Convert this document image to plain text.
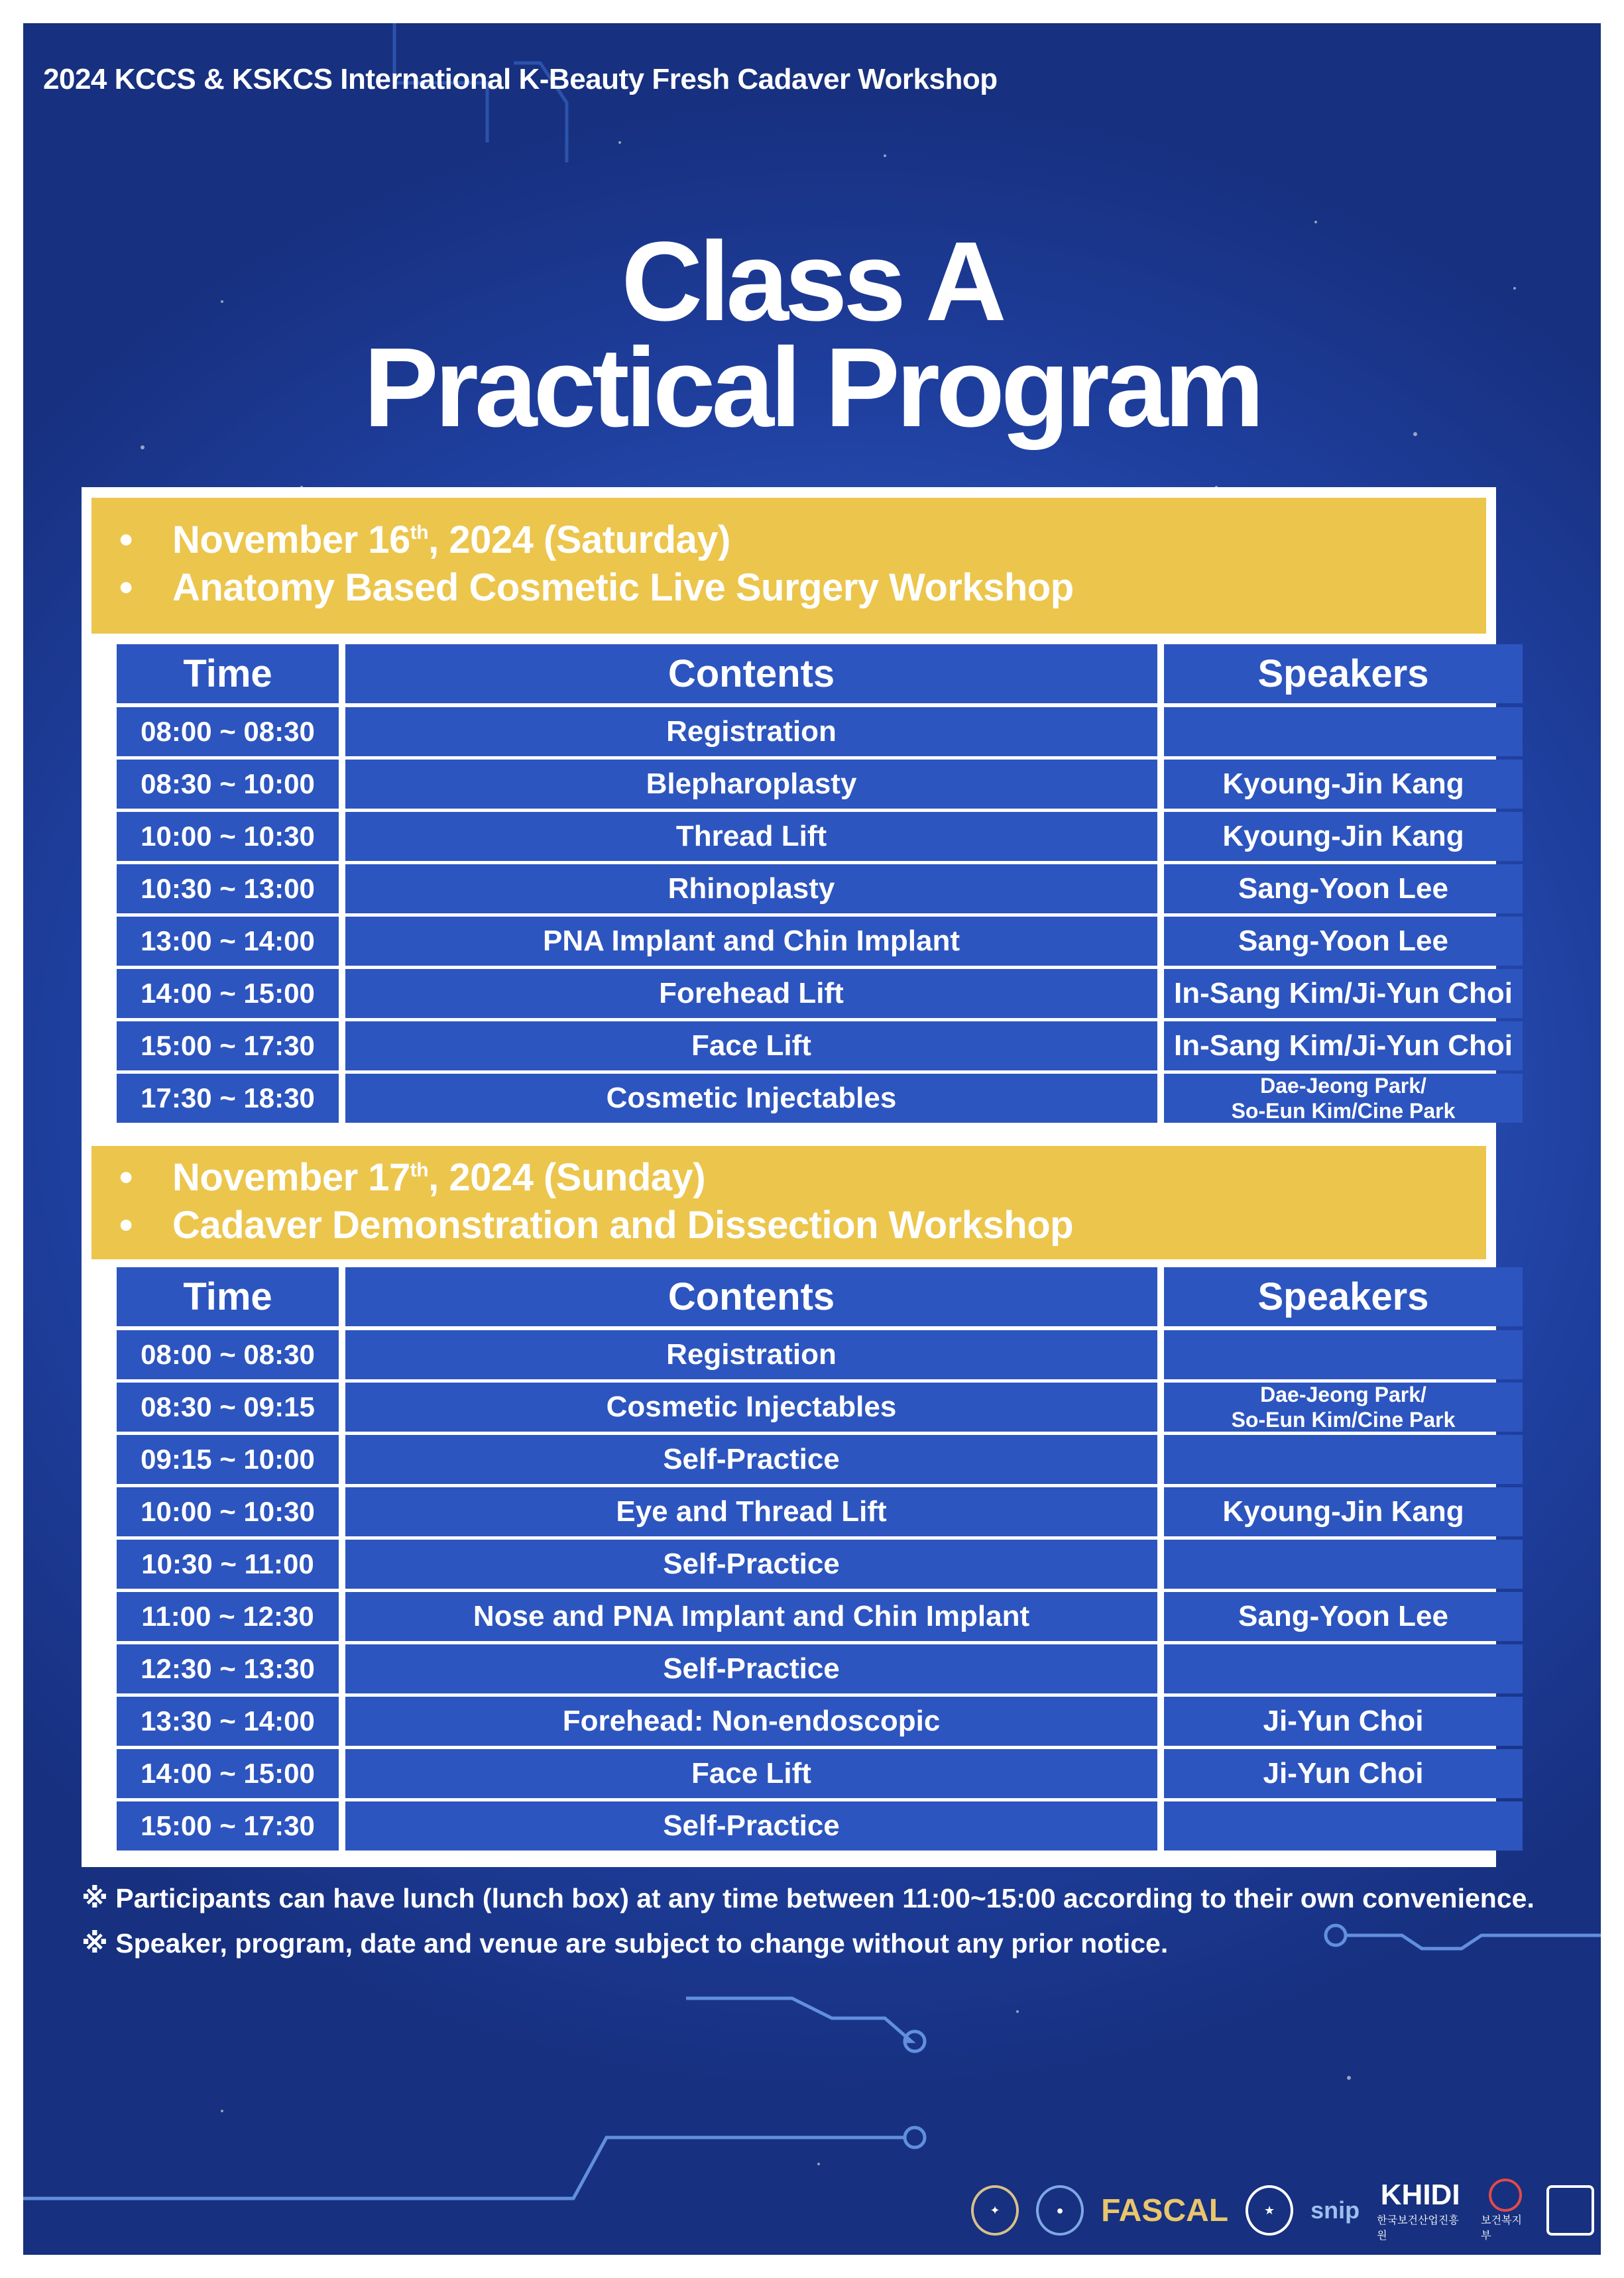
2024 KCCS & KSKCS International K-Beauty Fresh Cadaver Workshop
Class A
Practical Program
✦	●	FASCAL	★	snip KHIDI
한국보건산업진흥원
보건복지부
• November 16th, 2024 (Saturday)
• Anatomy Based Cosmetic Live Surgery Workshop
Time	Contents	Speakers
08:00 ~ 08:30	Registration
08:30 ~ 10:00	Blepharoplasty	Kyoung-Jin Kang
10:00 ~ 10:30	Thread Lift	Kyoung-Jin Kang
10:30 ~ 13:00	Rhinoplasty	Sang-Yoon Lee
13:00 ~ 14:00	PNA Implant and Chin Implant	Sang-Yoon Lee
14:00 ~ 15:00	Forehead Lift	In-Sang Kim/Ji-Yun Choi
15:00 ~ 17:30	Face Lift	In-Sang Kim/Ji-Yun Choi
17:30 ~ 18:30	Cosmetic Injectables	Dae-Jeong Park/
So-Eun Kim/Cine Park
• November 17th, 2024 (Sunday)
• Cadaver Demonstration and Dissection Workshop
Time	Contents	Speakers
08:00 ~ 08:30	Registration
08:30 ~ 09:15	Cosmetic Injectables	Dae-Jeong Park/
So-Eun Kim/Cine Park
09:15 ~ 10:00	Self-Practice
10:00 ~ 10:30	Eye and Thread Lift	Kyoung-Jin Kang
10:30 ~ 11:00	Self-Practice
11:00 ~ 12:30	Nose and PNA Implant and Chin Implant	Sang-Yoon Lee
12:30 ~ 13:30	Self-Practice
13:30 ~ 14:00	Forehead: Non-endoscopic	Ji-Yun Choi
14:00 ~ 15:00	Face Lift	Ji-Yun Choi
15:00 ~ 17:30	Self-Practice
※ Participants can have lunch (lunch box) at any time between 11:00~15:00 according to their own convenience.
※ Speaker, program, date and venue are subject to change without any prior notice.
